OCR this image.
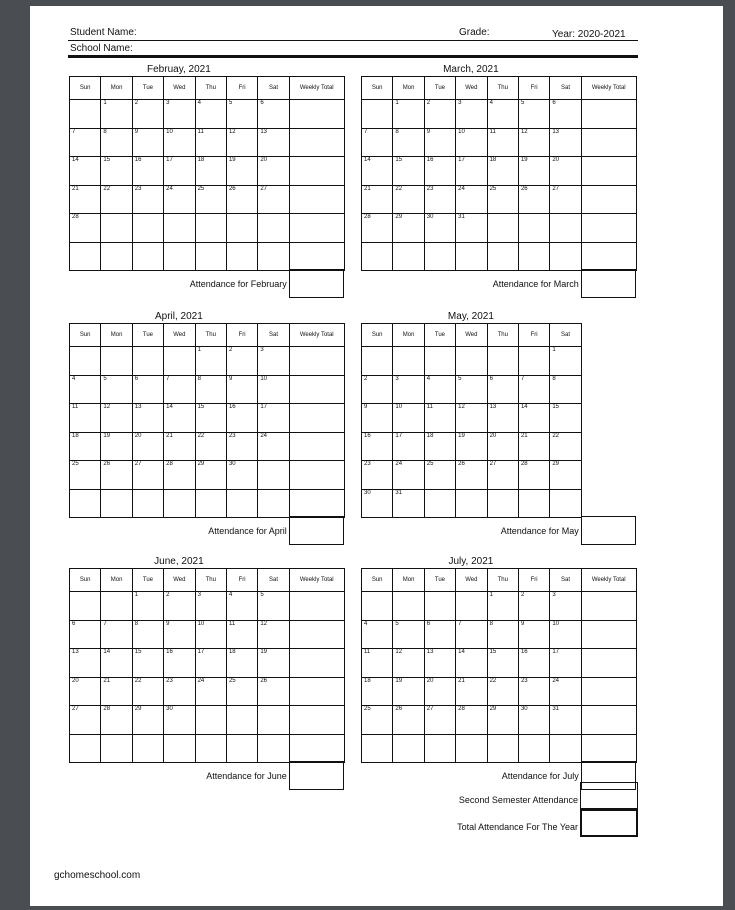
Student Name:	Grade:	Year: 2020-2021
School Name:
Februay, 2021
Sun	Mon	Tue	Wed	Thu	Fri	Sat	Weekly Total
	1	2	3	4	5	6	
7	8	9	10	11	12	13	
14	15	16	17	18	19	20	
21	22	23	24	25	26	27	
28							

Attendance for February
March, 2021
Sun	Mon	Tue	Wed	Thu	Fri	Sat	Weekly Total
	1	2	3	4	5	6	
7	8	9	10	11	12	13	
14	15	16	17	18	19	20	
21	22	23	24	25	26	27	
28	29	30	31				

Attendance for March
April, 2021
Sun	Mon	Tue	Wed	Thu	Fri	Sat	Weekly Total
				1	2	3	
4	5	6	7	8	9	10	
11	12	13	14	15	16	17	
18	19	20	21	22	23	24	
25	26	27	28	29	30		

Attendance for April
May, 2021
Sun	Mon	Tue	Wed	Thu	Fri	Sat
						1
2	3	4	5	6	7	8
9	10	11	12	13	14	15
16	17	18	19	20	21	22
23	24	25	26	27	28	29
30	31					
Attendance for May
June, 2021
Sun	Mon	Tue	Wed	Thu	Fri	Sat	Weekly Total
		1	2	3	4	5	
6	7	8	9	10	11	12	
13	14	15	16	17	18	19	
20	21	22	23	24	25	26	
27	28	29	30				

Attendance for June
July, 2021
Sun	Mon	Tue	Wed	Thu	Fri	Sat	Weekly Total
				1	2	3	
4	5	6	7	8	9	10	
11	12	13	14	15	16	17	
18	19	20	21	22	23	24	
25	26	27	28	29	30	31	

Attendance for July
Second Semester Attendance
Total Attendance For The Year
gchomeschool.com
